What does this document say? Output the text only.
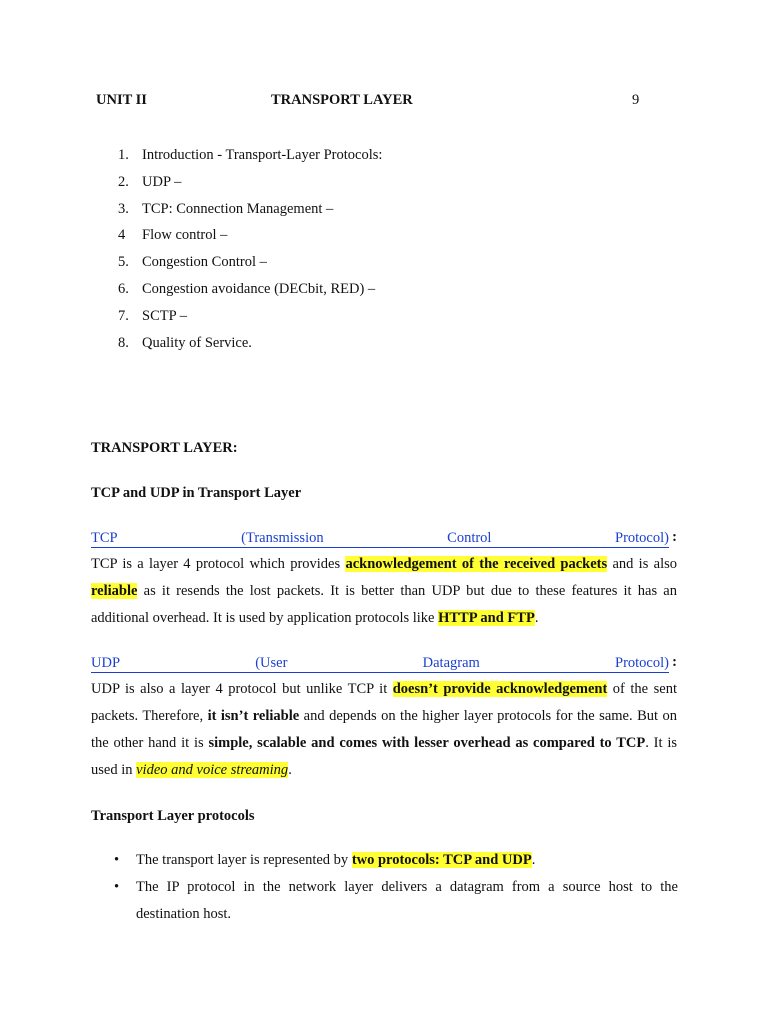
UNIT II	TRANSPORT LAYER	9
1. Introduction - Transport-Layer Protocols:
2. UDP –
3. TCP: Connection Management –
4 Flow control –
5. Congestion Control –
6. Congestion avoidance (DECbit, RED) –
7. SCTP –
8. Quality of Service.
TRANSPORT LAYER:
TCP and UDP in Transport Layer
TCP	(Transmission	Control	Protocol) :
TCP is a layer 4 protocol which provides acknowledgement of the received packets and is also reliable as it resends the lost packets. It is better than UDP but due to these features it has an additional overhead. It is used by application protocols like HTTP and FTP.
UDP	(User	Datagram	Protocol) :
UDP is also a layer 4 protocol but unlike TCP it doesn’t provide acknowledgement of the sent packets. Therefore, it isn’t reliable and depends on the higher layer protocols for the same. But on the other hand it is simple, scalable and comes with lesser overhead as compared to TCP. It is used in video and voice streaming.
Transport Layer protocols
• The transport layer is represented by two protocols: TCP and UDP.
• The IP protocol in the network layer delivers a datagram from a source host to the destination host.
